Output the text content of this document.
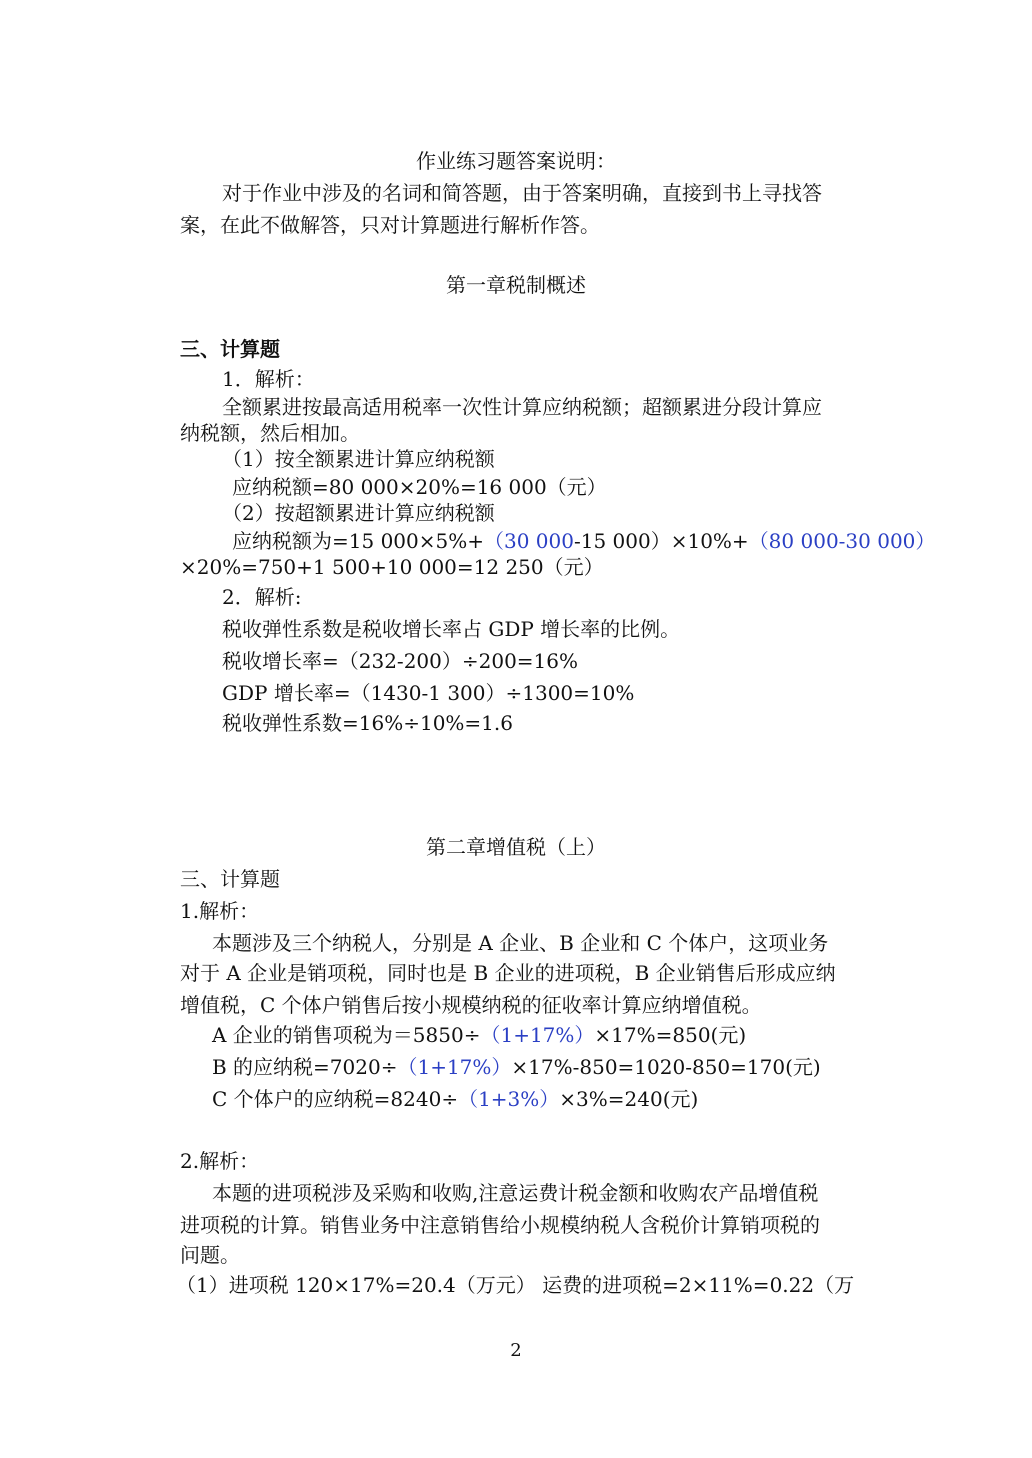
作业练习题答案说明：
对于作业中涉及的名词和简答题，由于答案明确，直接到书上寻找答
案，在此不做解答，只对计算题进行解析作答。
第一章税制概述
三、计算题
1．解析：
全额累进按最高适用税率一次性计算应纳税额；超额累进分段计算应
纳税额，然后相加。
（1）按全额累进计算应纳税额
应纳税额=80 000×20%=16 000（元）
（2）按超额累进计算应纳税额
应纳税额为=15 000×5%+（30 000-15 000）×10%+（80 000-30 000）
×20%=750+1 500+10 000=12 250（元）
2．解析:
税收弹性系数是税收增长率占 GDP 增长率的比例。
税收增长率=（232-200）÷200=16%
GDP 增长率=（1430-1 300）÷1300=10%
税收弹性系数=16%÷10%=1.6
第二章增值税（上）
三、计算题
1.解析：
本题涉及三个纳税人，分别是 A 企业、B 企业和 C 个体户，这项业务
对于 A 企业是销项税，同时也是 B 企业的进项税，B 企业销售后形成应纳
增值税，C 个体户销售后按小规模纳税的征收率计算应纳增值税。
A 企业的销售项税为＝5850÷（1+17%）×17%=850(元)
B 的应纳税=7020÷（1+17%）×17%-850=1020-850=170(元)
C 个体户的应纳税=8240÷（1+3%）×3%=240(元)
2.解析：
本题的进项税涉及采购和收购,注意运费计税金额和收购农产品增值税
进项税的计算。销售业务中注意销售给小规模纳税人含税价计算销项税的
问题。
（1）进项税 120×17%=20.4（万元） 运费的进项税=2×11%=0.22（万
2
